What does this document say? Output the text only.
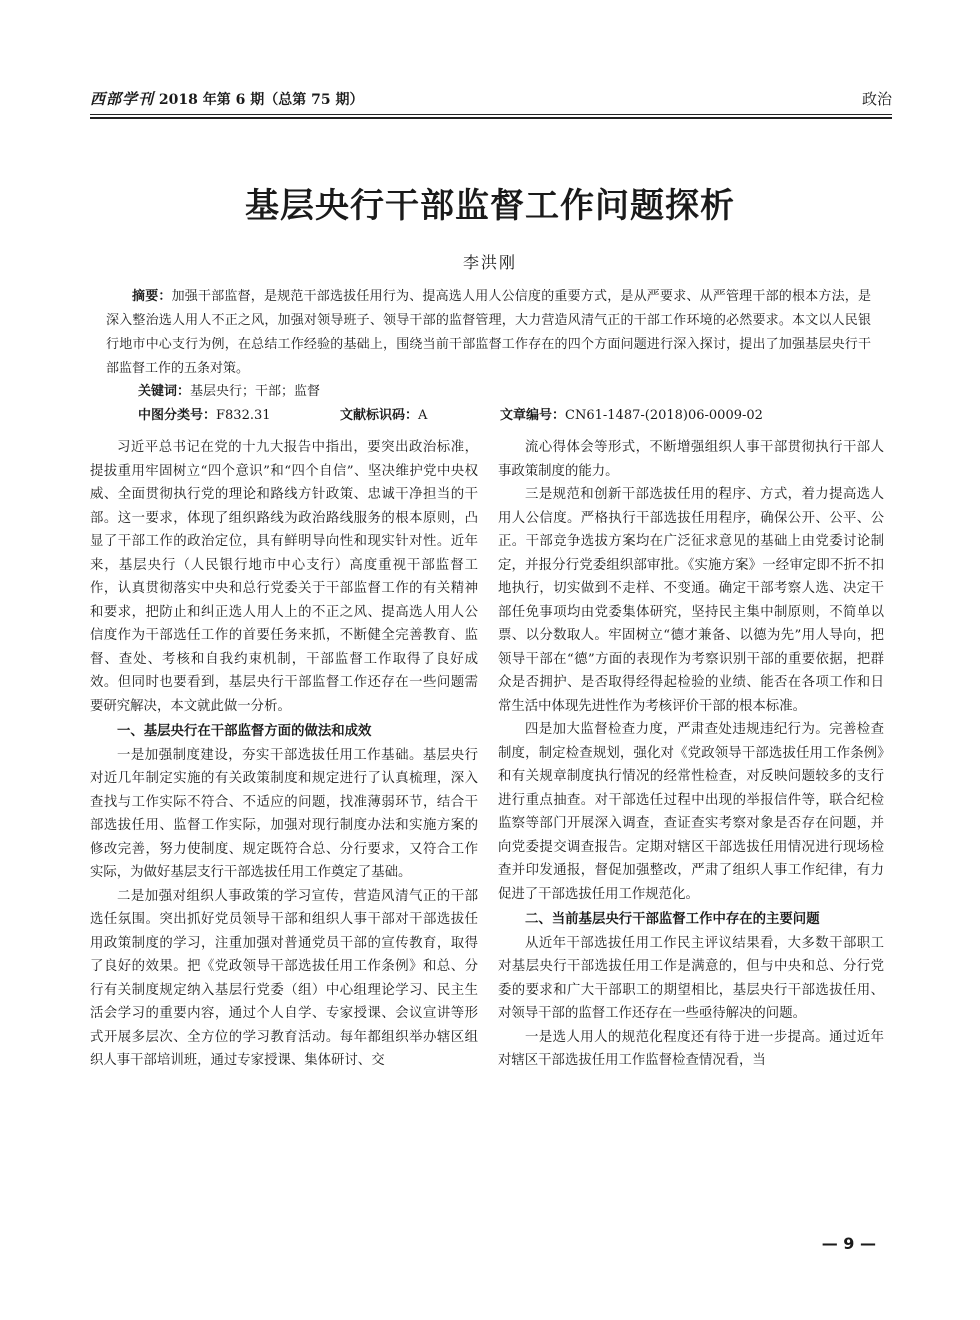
西部学刊 2018 年第 6 期（总第 75 期）	政治
基层央行干部监督工作问题探析
李洪刚
摘要：加强干部监督，是规范干部选拔任用行为、提高选人用人公信度的重要方式，是从严要求、从严管理干部的根本方法，是深入整治选人用人不正之风，加强对领导班子、领导干部的监督管理，大力营造风清气正的干部工作环境的必然要求。本文以人民银行地市中心支行为例，在总结工作经验的基础上，围绕当前干部监督工作存在的四个方面问题进行深入探讨，提出了加强基层央行干部监督工作的五条对策。
关键词：基层央行；干部；监督
中图分类号：F832.31	文献标识码：A	文章编号：CN61-1487-(2018)06-0009-02

习近平总书记在党的十九大报告中指出，要突出政治标准，提拔重用牢固树立“四个意识”和“四个自信”、坚决维护党中央权威、全面贯彻执行党的理论和路线方针政策、忠诚干净担当的干部。这一要求，体现了组织路线为政治路线服务的根本原则，凸显了干部工作的政治定位，具有鲜明导向性和现实针对性。近年来，基层央行（人民银行地市中心支行）高度重视干部监督工作，认真贯彻落实中央和总行党委关于干部监督工作的有关精神和要求，把防止和纠正选人用人上的不正之风、提高选人用人公信度作为干部选任工作的首要任务来抓，不断健全完善教育、监督、查处、考核和自我约束机制，干部监督工作取得了良好成效。但同时也要看到，基层央行干部监督工作还存在一些问题需要研究解决，本文就此做一分析。

一、基层央行在干部监督方面的做法和成效

一是加强制度建设，夯实干部选拔任用工作基础。基层央行对近几年制定实施的有关政策制度和规定进行了认真梳理，深入查找与工作实际不符合、不适应的问题，找准薄弱环节，结合干部选拔任用、监督工作实际，加强对现行制度办法和实施方案的修改完善，努力使制度、规定既符合总、分行要求，又符合工作实际，为做好基层支行干部选拔任用工作奠定了基础。

二是加强对组织人事政策的学习宣传，营造风清气正的干部选任氛围。突出抓好党员领导干部和组织人事干部对干部选拔任用政策制度的学习，注重加强对普通党员干部的宣传教育，取得了良好的效果。把《党政领导干部选拔任用工作条例》和总、分行有关制度规定纳入基层行党委（组）中心组理论学习、民主生活会学习的重要内容，通过个人自学、专家授课、会议宣讲等形式开展多层次、全方位的学习教育活动。每年都组织举办辖区组织人事干部培训班，通过专家授课、集体研讨、交

流心得体会等形式，不断增强组织人事干部贯彻执行干部人事政策制度的能力。

三是规范和创新干部选拔任用的程序、方式，着力提高选人用人公信度。严格执行干部选拔任用程序，确保公开、公平、公正。干部竞争选拔方案均在广泛征求意见的基础上由党委讨论制定，并报分行党委组织部审批。《实施方案》一经审定即不折不扣地执行，切实做到不走样、不变通。确定干部考察人选、决定干部任免事项均由党委集体研究，坚持民主集中制原则，不简单以票、以分数取人。牢固树立“德才兼备、以德为先”用人导向，把领导干部在“德”方面的表现作为考察识别干部的重要依据，把群众是否拥护、是否取得经得起检验的业绩、能否在各项工作和日常生活中体现先进性作为考核评价干部的根本标准。

四是加大监督检查力度，严肃查处违规违纪行为。完善检查制度，制定检查规划，强化对《党政领导干部选拔任用工作条例》和有关规章制度执行情况的经常性检查，对反映问题较多的支行进行重点抽查。对干部选任过程中出现的举报信件等，联合纪检监察等部门开展深入调查，查证查实考察对象是否存在问题，并向党委提交调查报告。定期对辖区干部选拔任用情况进行现场检查并印发通报，督促加强整改，严肃了组织人事工作纪律，有力促进了干部选拔任用工作规范化。

二、当前基层央行干部监督工作中存在的主要问题

从近年干部选拔任用工作民主评议结果看，大多数干部职工对基层央行干部选拔任用工作是满意的，但与中央和总、分行党委的要求和广大干部职工的期望相比，基层央行干部选拔任用、对领导干部的监督工作还存在一些亟待解决的问题。

一是选人用人的规范化程度还有待于进一步提高。通过近年对辖区干部选拔任用工作监督检查情况看，当

— 9 —
